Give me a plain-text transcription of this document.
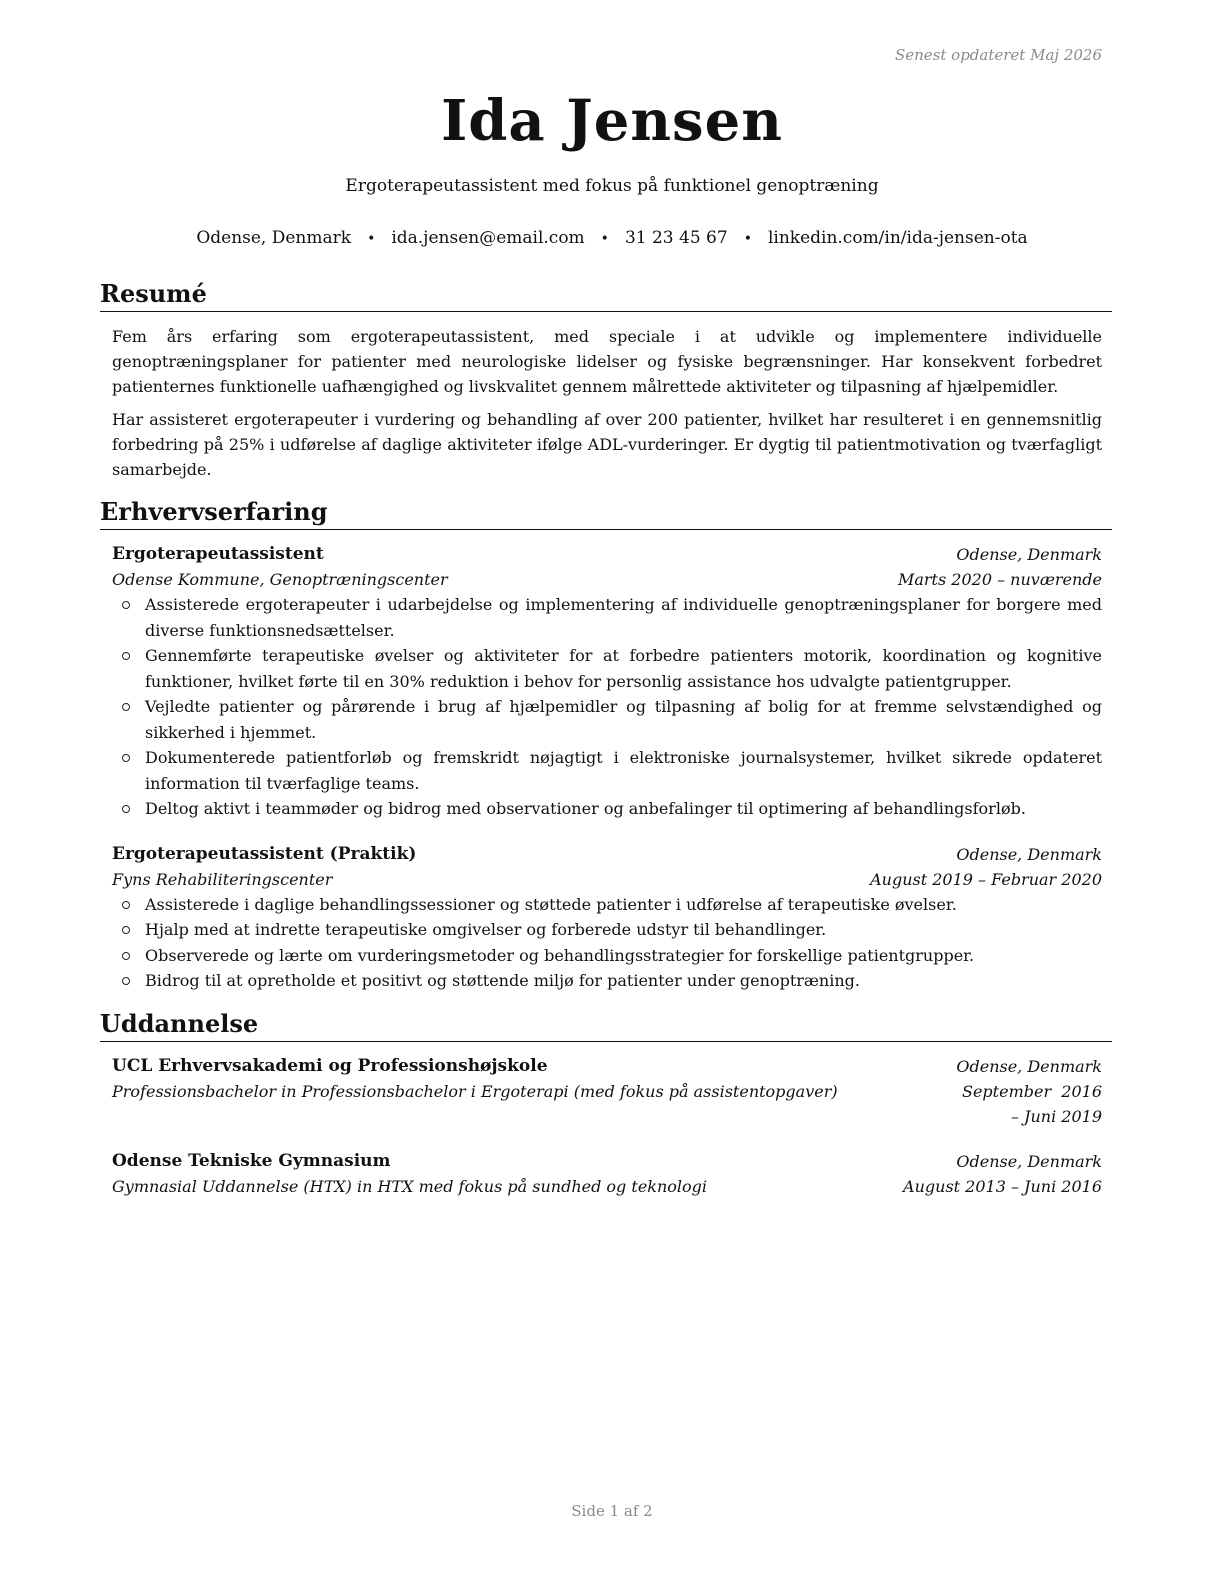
Senest opdateret Maj 2026
Ida Jensen
Ergoterapeutassistent med fokus på funktionel genoptræning
Odense, Denmark • ida.jensen@email.com • 31 23 45 67 • linkedin.com/in/ida-jensen-ota
Resumé

Fem års erfaring som ergoterapeutassistent, med speciale i at udvikle og implementere individuelle genoptræningsplaner for patienter med neurologiske lidelser og fysiske begrænsninger. Har konsekvent forbedret patienternes funktionelle uafhængighed og livskvalitet gennem målrettede aktiviteter og tilpasning af hjælpemidler.

Har assisteret ergoterapeuter i vurdering og behandling af over 200 patienter, hvilket har resulteret i en gennemsnitlig forbedring på 25% i udførelse af daglige aktiviteter ifølge ADL-vurderinger. Er dygtig til patientmotivation og tværfagligt samarbejde.

Erhvervserfaring
Ergoterapeutassistent	Odense, Denmark
Odense Kommune, Genoptræningscenter	Marts 2020 – nuværende
Assisterede ergoterapeuter i udarbejdelse og implementering af individuelle genoptræningsplaner for borgere med diverse funktionsnedsættelser.
Gennemførte terapeutiske øvelser og aktiviteter for at forbedre patienters motorik, koordination og kognitive funktioner, hvilket førte til en 30% reduktion i behov for personlig assistance hos udvalgte patientgrupper.
Vejledte patienter og pårørende i brug af hjælpemidler og tilpasning af bolig for at fremme selvstændighed og sikkerhed i hjemmet.
Dokumenterede patientforløb og fremskridt nøjagtigt i elektroniske journalsystemer, hvilket sikrede opdateret information til tværfaglige teams.
Deltog aktivt i teammøder og bidrog med observationer og anbefalinger til optimering af behandlingsforløb.
Ergoterapeutassistent (Praktik)	Odense, Denmark
Fyns Rehabiliteringscenter	August 2019 – Februar 2020
Assisterede i daglige behandlingssessioner og støttede patienter i udførelse af terapeutiske øvelser.
Hjalp med at indrette terapeutiske omgivelser og forberede udstyr til behandlinger.
Observerede og lærte om vurderingsmetoder og behandlingsstrategier for forskellige patientgrupper.
Bidrog til at opretholde et positivt og støttende miljø for patienter under genoptræning.
Uddannelse
UCL Erhvervsakademi og Professionshøjskole	Odense, Denmark
Professionsbachelor in Professionsbachelor i Ergoterapi (med fokus på assistentopgaver)	September 2016 – Juni 2019
Odense Tekniske Gymnasium	Odense, Denmark
Gymnasial Uddannelse (HTX) in HTX med fokus på sundhed og teknologi	August 2013 – Juni 2016
Side 1 af 2
